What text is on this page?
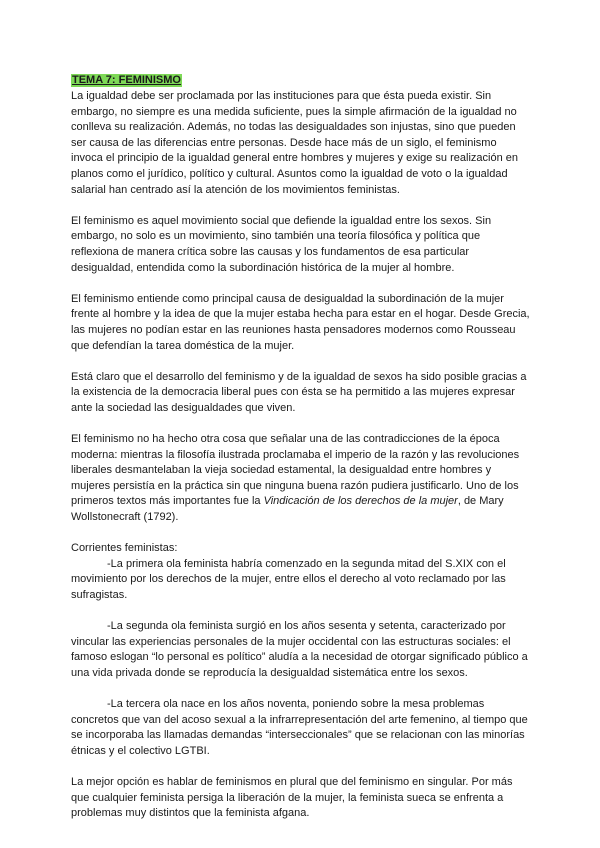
TEMA 7: FEMINISMO

La igualdad debe ser proclamada por las instituciones para que ésta pueda existir. Sin embargo, no siempre es una medida suficiente, pues la simple afirmación de la igualdad no conlleva su realización. Además, no todas las desigualdades son injustas, sino que pueden ser causa de las diferencias entre personas. Desde hace más de un siglo, el feminismo invoca el principio de la igualdad general entre hombres y mujeres y exige su realización en planos como el jurídico, político y cultural. Asuntos como la igualdad de voto o la igualdad salarial han centrado así la atención de los movimientos feministas.

El feminismo es aquel movimiento social que defiende la igualdad entre los sexos. Sin embargo, no solo es un movimiento, sino también una teoría filosófica y política que reflexiona de manera crítica sobre las causas y los fundamentos de esa particular desigualdad, entendida como la subordinación histórica de la mujer al hombre.

El feminismo entiende como principal causa de desigualdad la subordinación de la mujer frente al hombre y la idea de que la mujer estaba hecha para estar en el hogar. Desde Grecia, las mujeres no podían estar en las reuniones hasta pensadores modernos como Rousseau que defendían la tarea doméstica de la mujer.

Está claro que el desarrollo del feminismo y de la igualdad de sexos ha sido posible gracias a la existencia de la democracia liberal pues con ésta se ha permitido a las mujeres expresar ante la sociedad las desigualdades que viven.

El feminismo no ha hecho otra cosa que señalar una de las contradicciones de la época moderna: mientras la filosofía ilustrada proclamaba el imperio de la razón y las revoluciones liberales desmantelaban la vieja sociedad estamental, la desigualdad entre hombres y mujeres persistía en la práctica sin que ninguna buena razón pudiera justificarlo. Uno de los primeros textos más importantes fue la Vindicación de los derechos de la mujer, de Mary Wollstonecraft (1792).

Corrientes feministas:

-La primera ola feminista habría comenzado en la segunda mitad del S.XIX con el movimiento por los derechos de la mujer, entre ellos el derecho al voto reclamado por las sufragistas.

-La segunda ola feminista surgió en los años sesenta y setenta, caracterizado por vincular las experiencias personales de la mujer occidental con las estructuras sociales: el famoso eslogan “lo personal es político” aludía a la necesidad de otorgar significado público a una vida privada donde se reproducía la desigualdad sistemática entre los sexos.

-La tercera ola nace en los años noventa, poniendo sobre la mesa problemas concretos que van del acoso sexual a la infrarrepresentación del arte femenino, al tiempo que se incorporaba las llamadas demandas “interseccionales” que se relacionan con las minorías étnicas y el colectivo LGTBI.

La mejor opción es hablar de feminismos en plural que del feminismo en singular. Por más que cualquier feminista persiga la liberación de la mujer, la feminista sueca se enfrenta a problemas muy distintos que la feminista afgana.
